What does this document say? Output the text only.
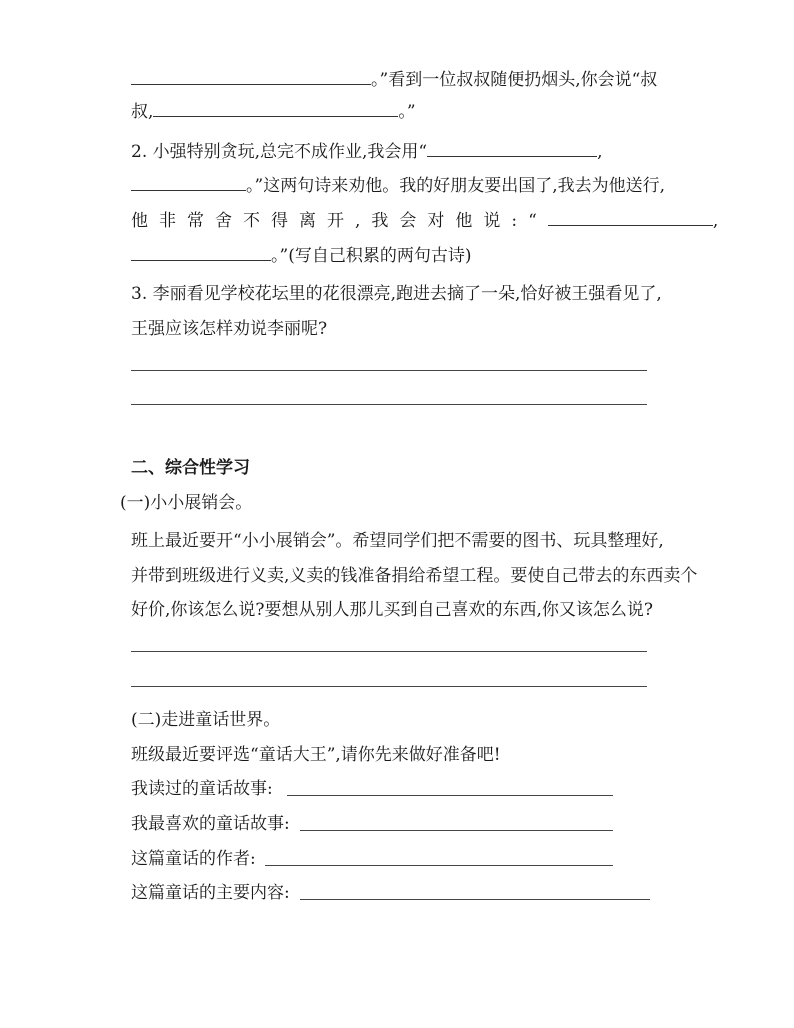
。”看到一位叔叔随便扔烟头,你会说“叔
叔,	。”
2. 小强特别贪玩,总完不成作业,我会用“	,
。”这两句诗来劝他。我的好朋友要出国了,我去为他送行,
他非常舍不得离开,我会对他说:“	,
。”(写自己积累的两句古诗)
3. 李丽看见学校花坛里的花很漂亮,跑进去摘了一朵,恰好被王强看见了,
王强应该怎样劝说李丽呢?
二、综合性学习
(一)小小展销会。
班上最近要开“小小展销会”。希望同学们把不需要的图书、玩具整理好,
并带到班级进行义卖,义卖的钱准备捐给希望工程。要使自己带去的东西卖个
好价,你该怎么说?要想从别人那儿买到自己喜欢的东西,你又该怎么说?
(二)走进童话世界。
班级最近要评选“童话大王”,请你先来做好准备吧!
我读过的童话故事:
我最喜欢的童话故事:
这篇童话的作者:
这篇童话的主要内容:
